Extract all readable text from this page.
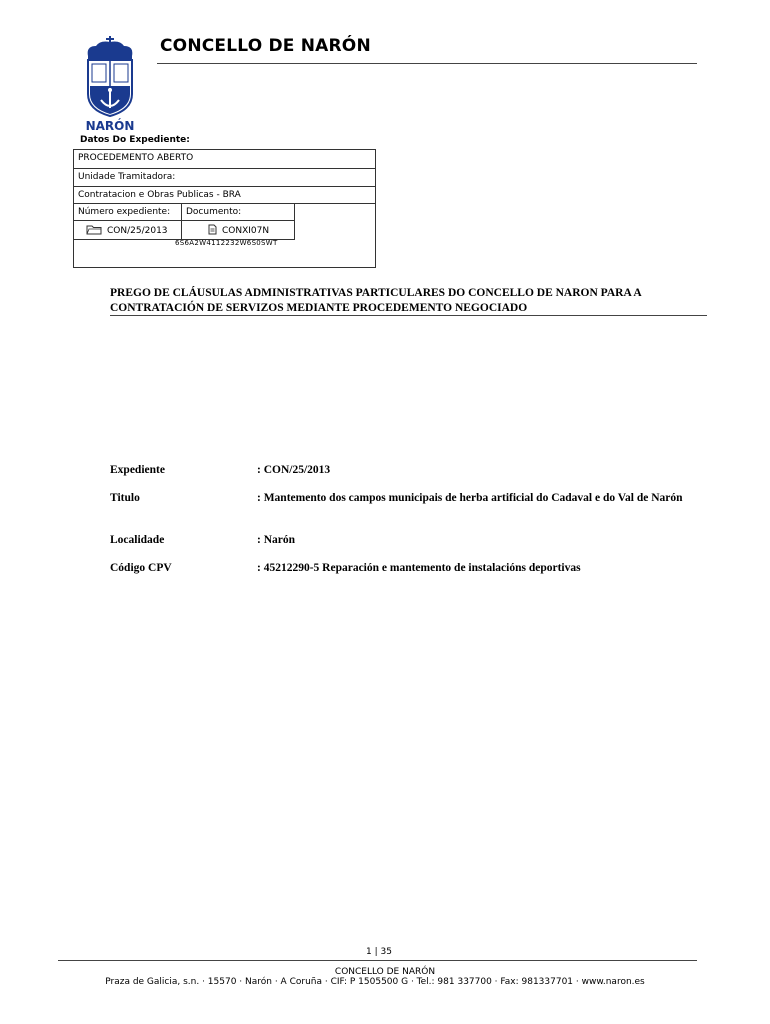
NARÓN
CONCELLO DE NARÓN
Datos Do Expediente:
PROCEDEMENTO ABERTO
Unidade Tramitadora:
Contratacion e Obras Publicas - BRA
Número expediente:
CON/25/2013
Documento:
CONXI07N
6S6A2W4112232W6S0SWT
PREGO DE CLÁUSULAS ADMINISTRATIVAS PARTICULARES DO CONCELLO DE NARON PARA A CONTRATACIÓN DE SERVIZOS MEDIANTE PROCEDEMENTO NEGOCIADO
Expediente	: CON/25/2013
Titulo	: Mantemento dos campos municipais de herba artificial do Cadaval e do Val de Narón
Localidade	: Narón
Código CPV	: 45212290-5 Reparación e mantemento de instalacións deportivas
1 | 35
CONCELLO DE NARÓN
Praza de Galicia, s.n. · 15570 · Narón · A Coruña · CIF: P 1505500 G · Tel.: 981 337700 · Fax: 981337701 · www.naron.es
